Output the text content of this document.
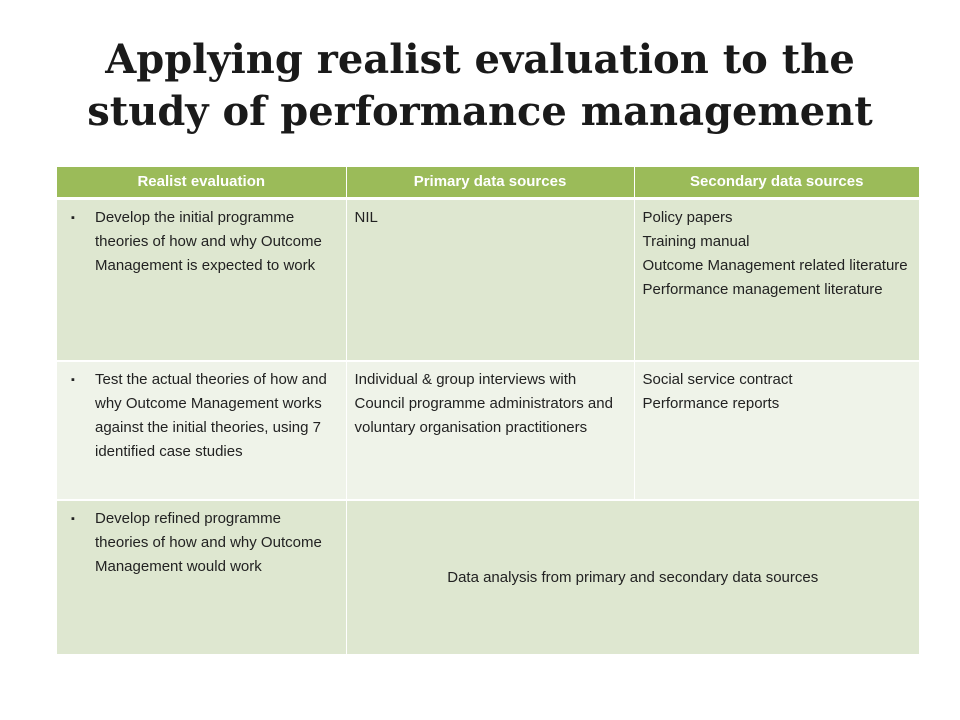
Applying realist evaluation to the study of performance management
Realist evaluation	Primary data sources	Secondary data sources

▪ Develop the initial programme theories of how and why Outcome Management is expected to work	NIL	Policy papers
Training manual
Outcome Management related literature
Performance management literature

▪ Test the actual theories of how and why Outcome Management works against the initial theories, using 7 identified case studies	Individual & group interviews with Council programme administrators and voluntary organisation practitioners	Social service contract
Performance reports

▪ Develop refined programme theories of how and why Outcome Management would work	Data analysis from primary and secondary data sources	
